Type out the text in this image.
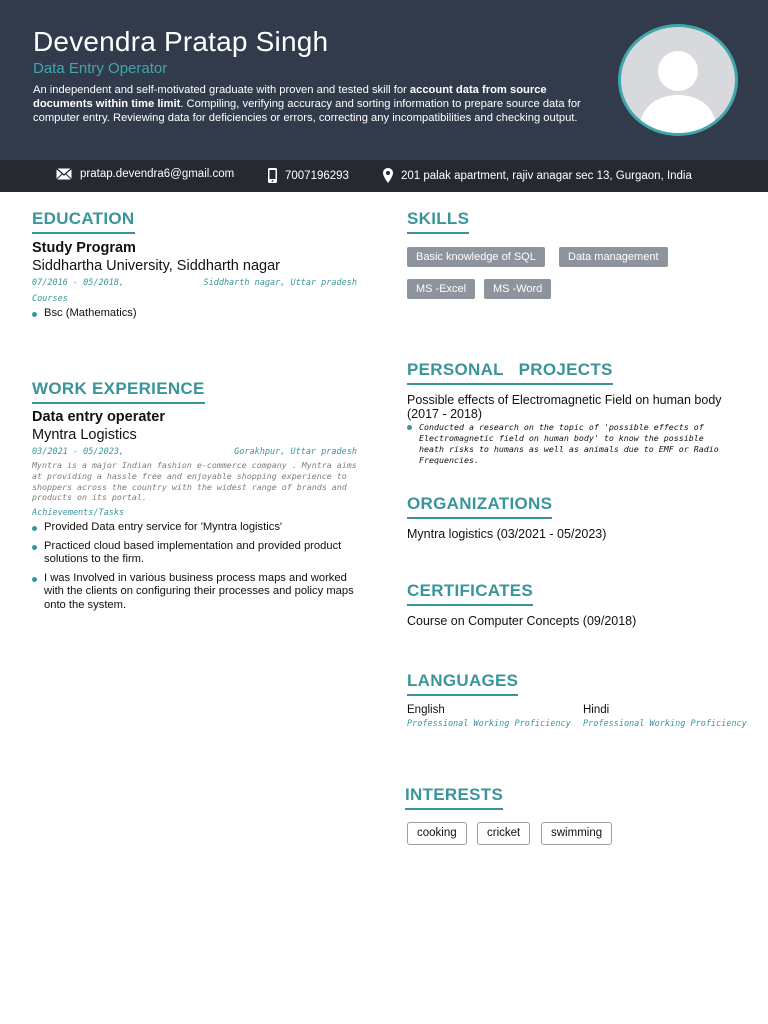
Devendra Pratap Singh
Data Entry Operator
An independent and self-motivated graduate with proven and tested skill for account data from source documents within time limit. Compiling, verifying accuracy and sorting information to prepare source data for computer entry. Reviewing data for deficiencies or errors, correcting any incompatibilities and checking output.
pratap.devendra6@gmail.com	7007196293	201 palak apartment, rajiv anagar sec 13, Gurgaon, India
EDUCATION
Study Program
Siddhartha University, Siddharth nagar
07/2016 - 05/2018,	Siddharth nagar, Uttar pradesh
Courses
Bsc (Mathematics)
WORK EXPERIENCE
Data entry operater
Myntra Logistics
03/2021 - 05/2023,	Gorakhpur, Uttar pradesh
Myntra is a major Indian fashion e-commerce company . Myntra aims at providing a hassle free and enjoyable shopping experience to shoppers across the country with the widest range of brands and products on its portal.
Achievements/Tasks
Provided Data entry service for 'Myntra logistics'
Practiced cloud based implementation and provided product solutions to the firm.
I was Involved in various business process maps and worked with the clients on configuring their processes and policy maps onto the system.
SKILLS
Basic knowledge of SQL	Data management
MS -Excel	MS -Word
PERSONAL   PROJECTS
Possible effects of Electromagnetic Field on human body (2017 - 2018)
Conducted a research on the topic of 'possible effects of Electromagnetic field on human body' to know the possible heath risks to humans as well as animals due to EMF or Radio Frequencies.
ORGANIZATIONS
Myntra logistics (03/2021 - 05/2023)
CERTIFICATES
Course on Computer Concepts (09/2018)
LANGUAGES
English
Professional Working Proficiency
Hindi
Professional Working Proficiency
INTERESTS
cooking	cricket	swimming
